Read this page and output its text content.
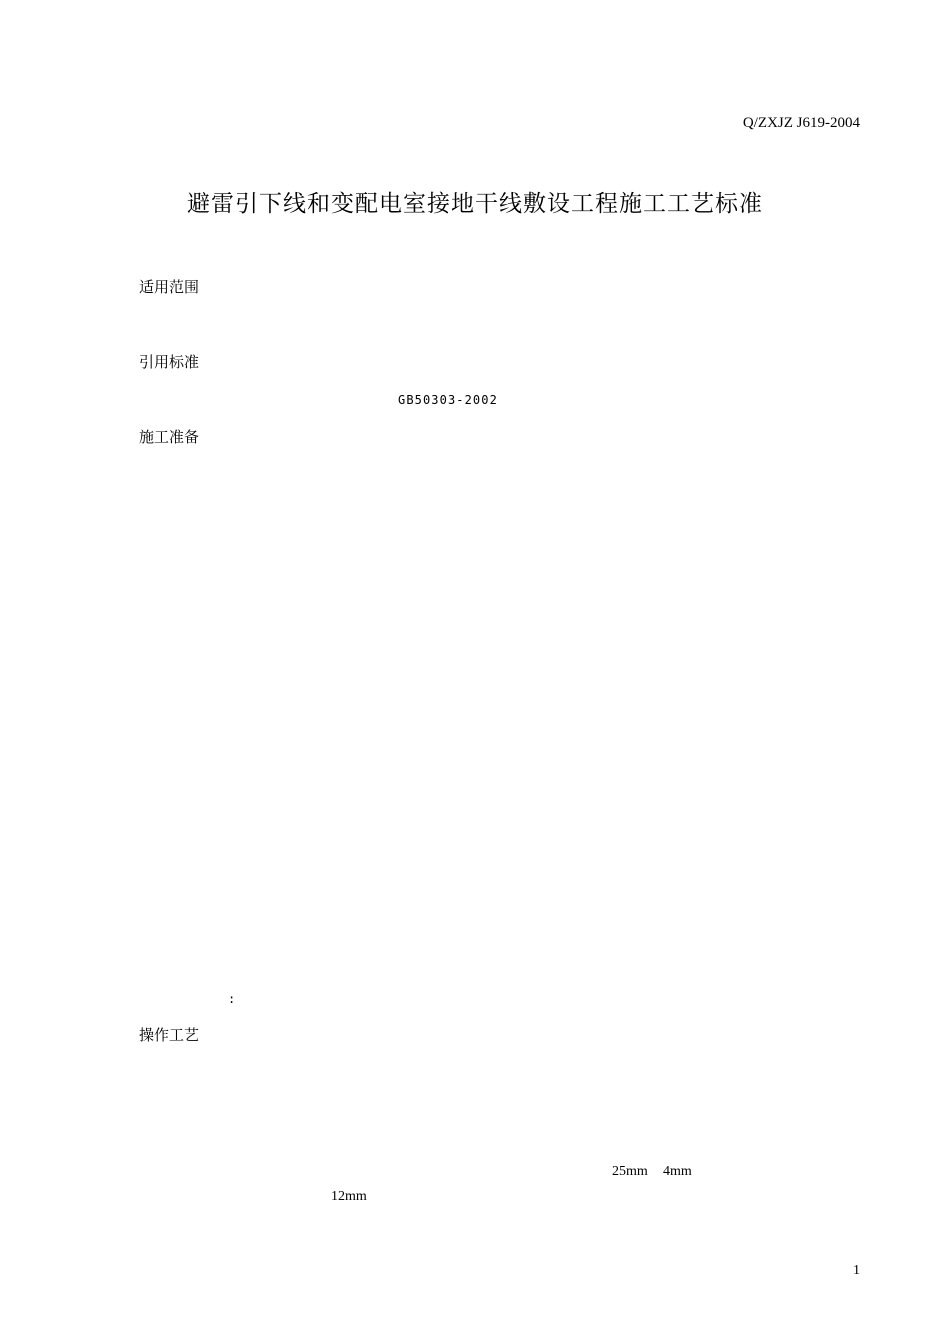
Q/ZXJZ J619-2004
避雷引下线和变配电室接地干线敷设工程施工工艺标准
适用范围
引用标准
GB50303-2002
施工准备
:
操作工艺
25mm 4mm
12mm
1
